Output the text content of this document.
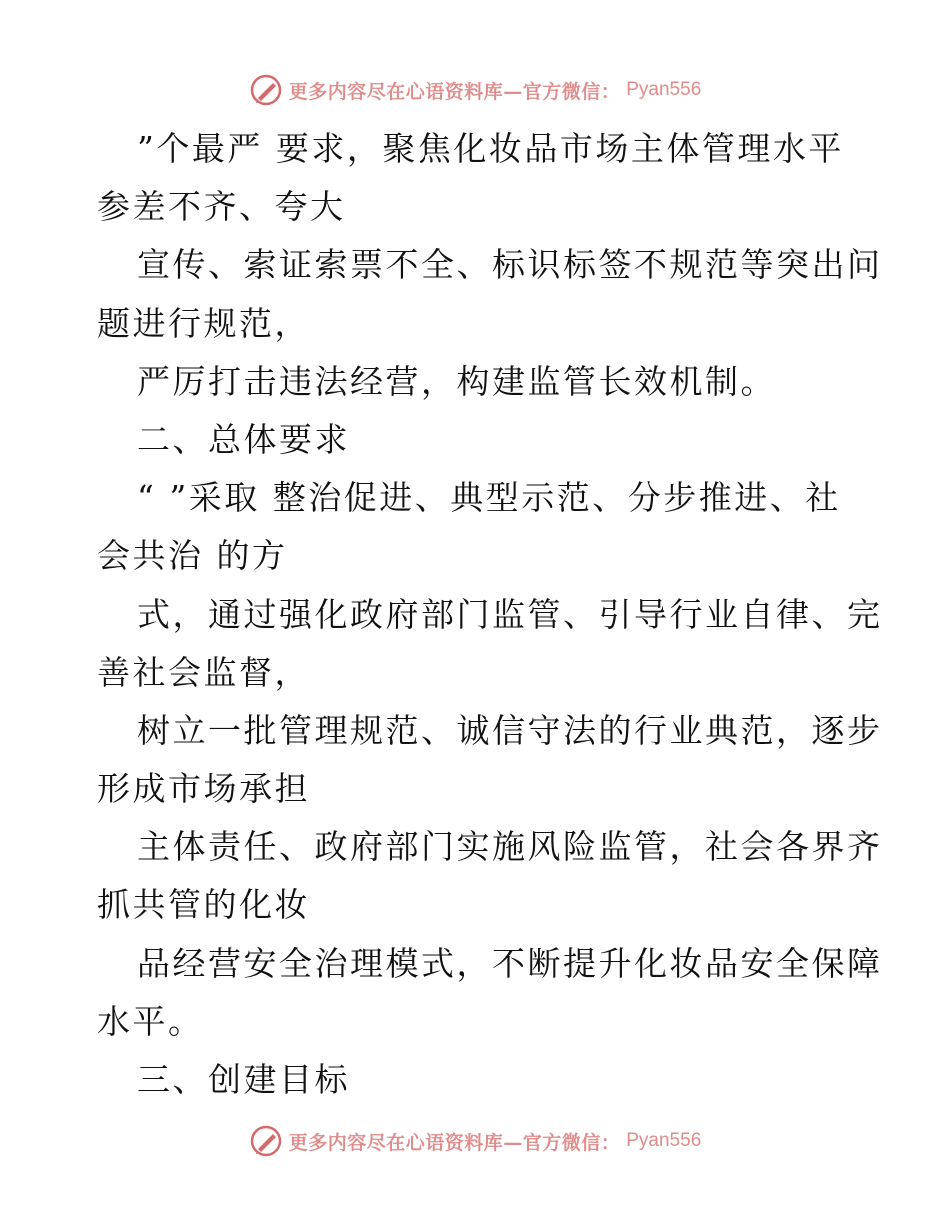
更多内容尽在心语资料库—官方微信： Pyan556
”个最严 要求，聚焦化妆品市场主体管理水平
参差不齐、夸大
宣传、索证索票不全、标识标签不规范等突出问
题进行规范，
严厉打击违法经营，构建监管长效机制。
二、总体要求
“ ”采取 整治促进、典型示范、分步推进、社
会共治 的方
式，通过强化政府部门监管、引导行业自律、完
善社会监督，
树立一批管理规范、诚信守法的行业典范，逐步
形成市场承担
主体责任、政府部门实施风险监管，社会各界齐
抓共管的化妆
品经营安全治理模式，不断提升化妆品安全保障
水平。
三、创建目标
更多内容尽在心语资料库—官方微信： Pyan556
